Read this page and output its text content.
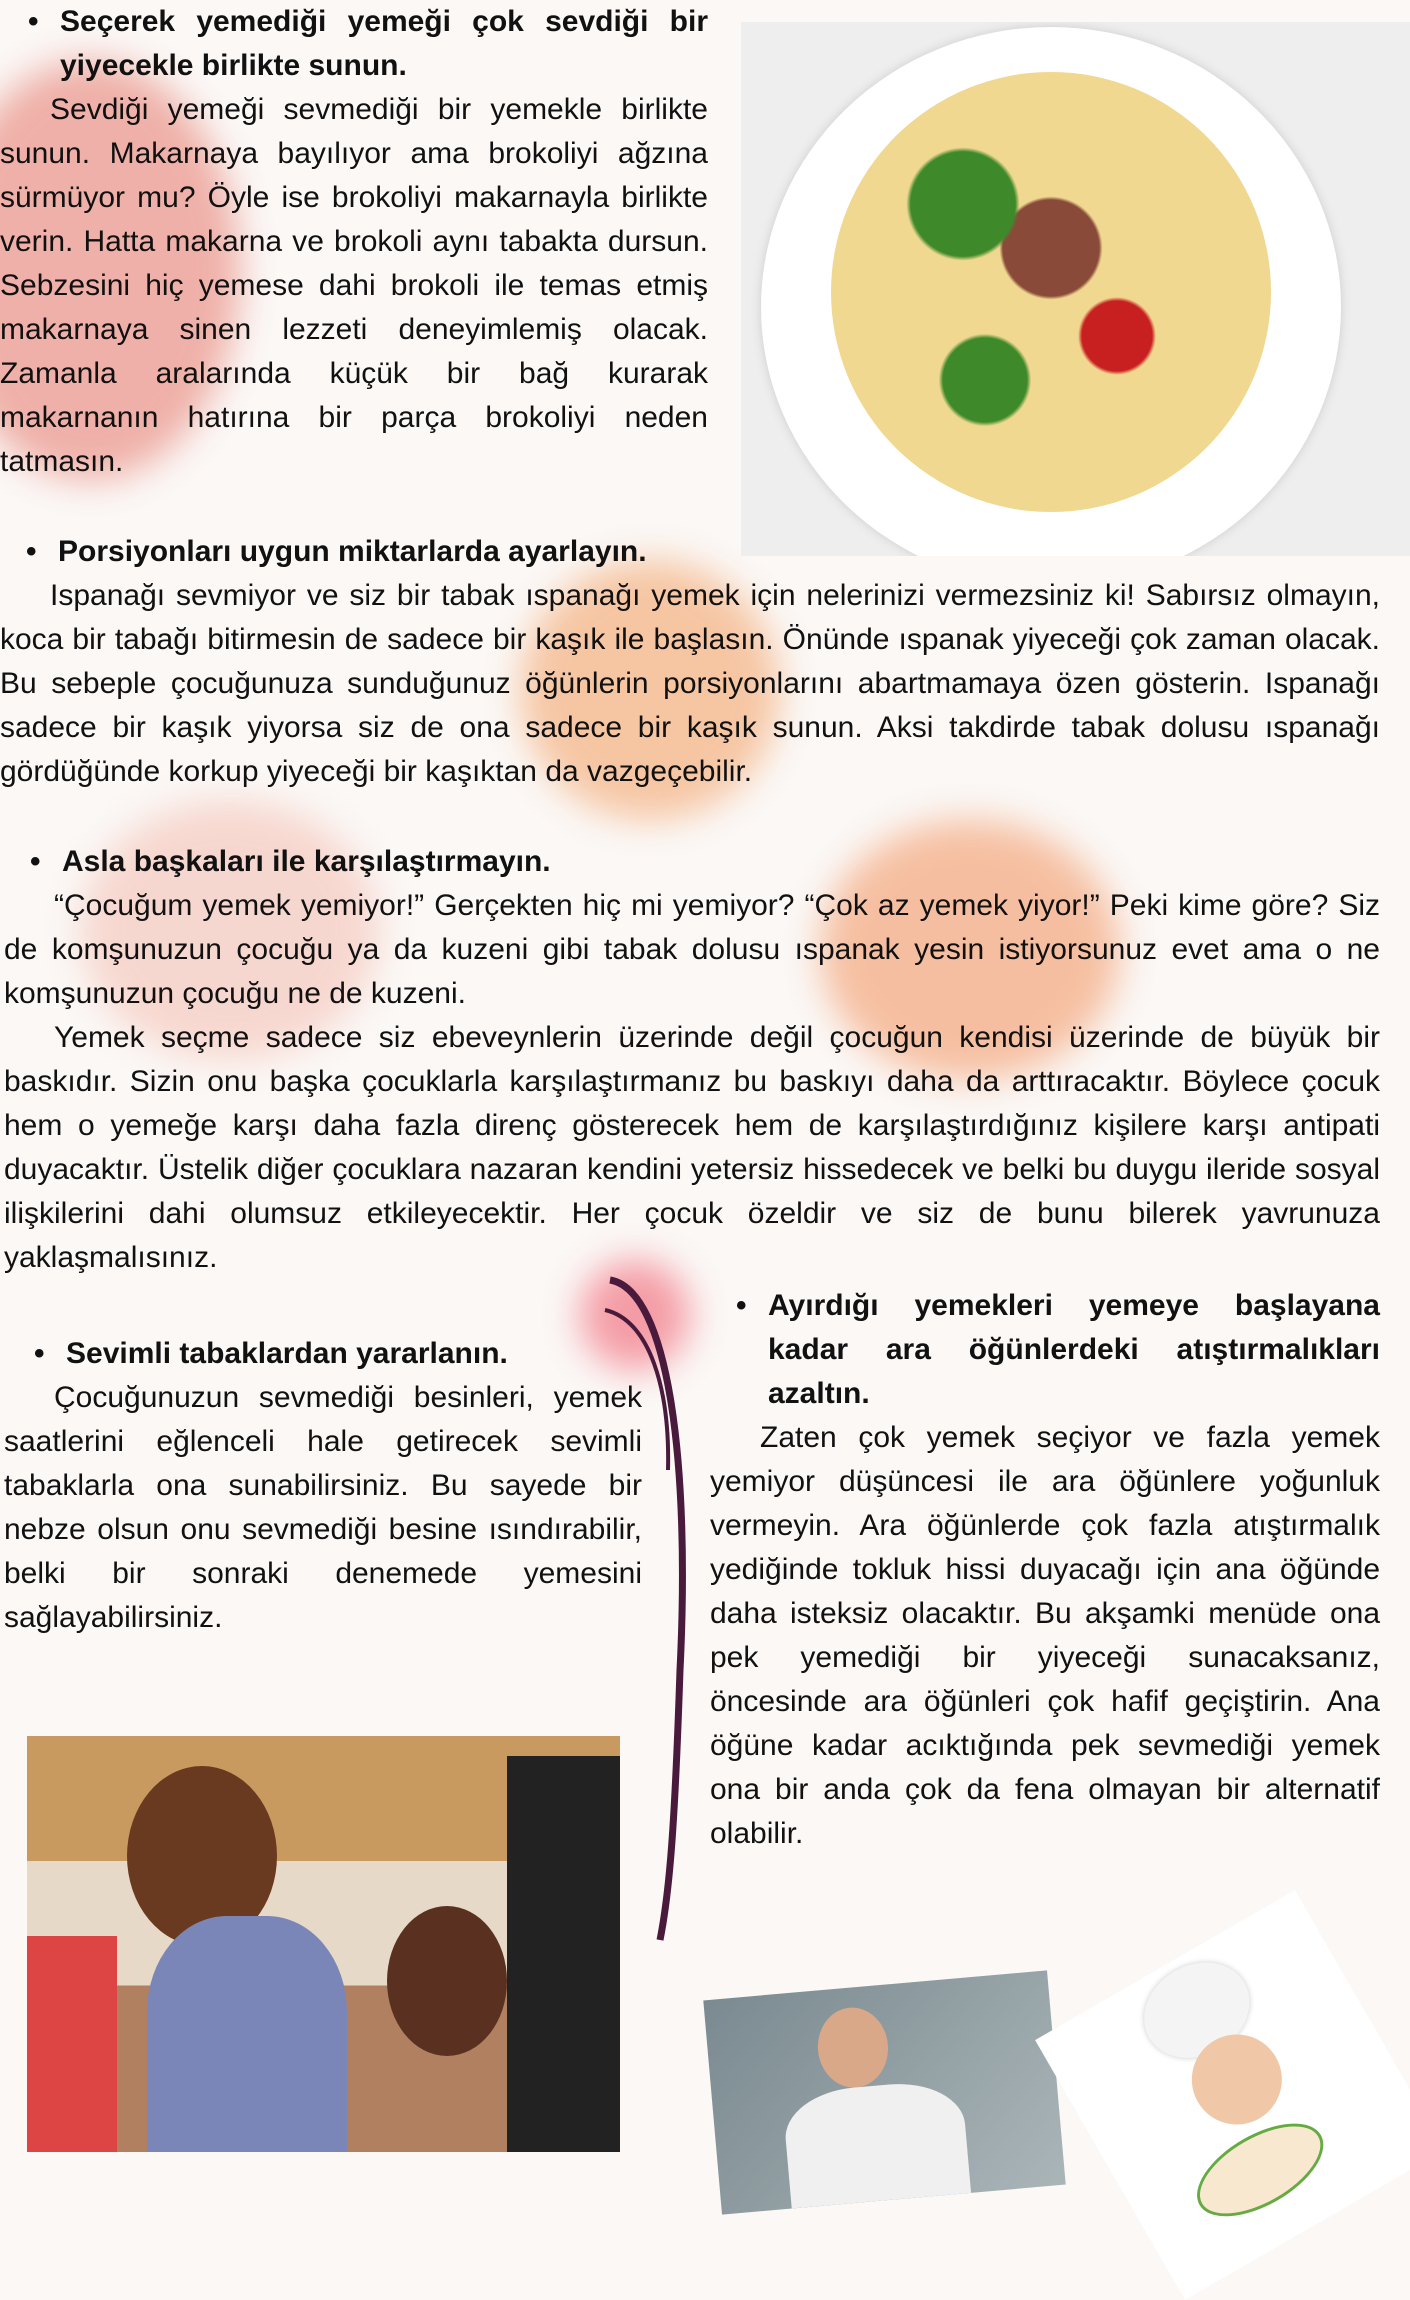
• Seçerek yemediği yemeği çok sevdiği bir yiyecekle birlikte sunun.
Sevdiği yemeği sevmediği bir yemekle birlikte sunun. Makarnaya bayılıyor ama brokoliyi ağzına sürmüyor mu? Öyle ise brokoliyi makarnayla birlikte verin. Hatta makarna ve brokoli aynı tabakta dursun. Sebzesini hiç yemese dahi brokoli ile temas etmiş makarnaya sinen lezzeti deneyimlemiş olacak. Zamanla aralarında küçük bir bağ kurarak makarnanın hatırına bir parça brokoliyi neden tatmasın.
• Porsiyonları uygun miktarlarda ayarlayın.
Ispanağı sevmiyor ve siz bir tabak ıspanağı yemek için nelerinizi vermezsiniz ki! Sabırsız olmayın, koca bir tabağı bitirmesin de sadece bir kaşık ile başlasın. Önünde ıspanak yiyeceği çok zaman olacak. Bu sebeple çocuğunuza sunduğunuz öğünlerin porsiyonlarını abartmamaya özen gösterin. Ispanağı sadece bir kaşık yiyorsa siz de ona sadece bir kaşık sunun. Aksi takdirde tabak dolusu ıspanağı gördüğünde korkup yiyeceği bir kaşıktan da vazgeçebilir.
• Asla başkaları ile karşılaştırmayın.
“Çocuğum yemek yemiyor!” Gerçekten hiç mi yemiyor? “Çok az yemek yiyor!” Peki kime göre? Siz de komşunuzun çocuğu ya da kuzeni gibi tabak dolusu ıspanak yesin istiyorsunuz evet ama o ne komşunuzun çocuğu ne de kuzeni.
Yemek seçme sadece siz ebeveynlerin üzerinde değil çocuğun kendisi üzerinde de büyük bir baskıdır. Sizin onu başka çocuklarla karşılaştırmanız bu baskıyı daha da arttıracaktır. Böylece çocuk hem o yemeğe karşı daha fazla direnç gösterecek hem de karşılaştırdığınız kişilere karşı antipati duyacaktır. Üstelik diğer çocuklara nazaran kendini yetersiz hissedecek ve belki bu duygu ileride sosyal ilişkilerini dahi olumsuz etkileyecektir. Her çocuk özeldir ve siz de bunu bilerek yavrunuza yaklaşmalısınız.
• Sevimli tabaklardan yararlanın.
Çocuğunuzun sevmediği besinleri, yemek saatlerini eğlenceli hale getirecek sevimli tabaklarla ona sunabilirsiniz. Bu sayede bir nebze olsun onu sevmediği besine ısındırabilir, belki bir sonraki denemede yemesini sağlayabilirsiniz.
• Ayırdığı yemekleri yemeye başlayana kadar ara öğünlerdeki atıştırmalıkları azaltın.
Zaten çok yemek seçiyor ve fazla yemek yemiyor düşüncesi ile ara öğünlere yoğunluk vermeyin. Ara öğünlerde çok fazla atıştırmalık yediğinde tokluk hissi duyacağı için ana öğünde daha isteksiz olacaktır. Bu akşamki menüde ona pek yemediği bir yiyeceği sunacaksanız, öncesinde ara öğünleri çok hafif geçiştirin. Ana öğüne kadar acıktığında pek sevmediği yemek ona bir anda çok da fena olmayan bir alternatif olabilir.
